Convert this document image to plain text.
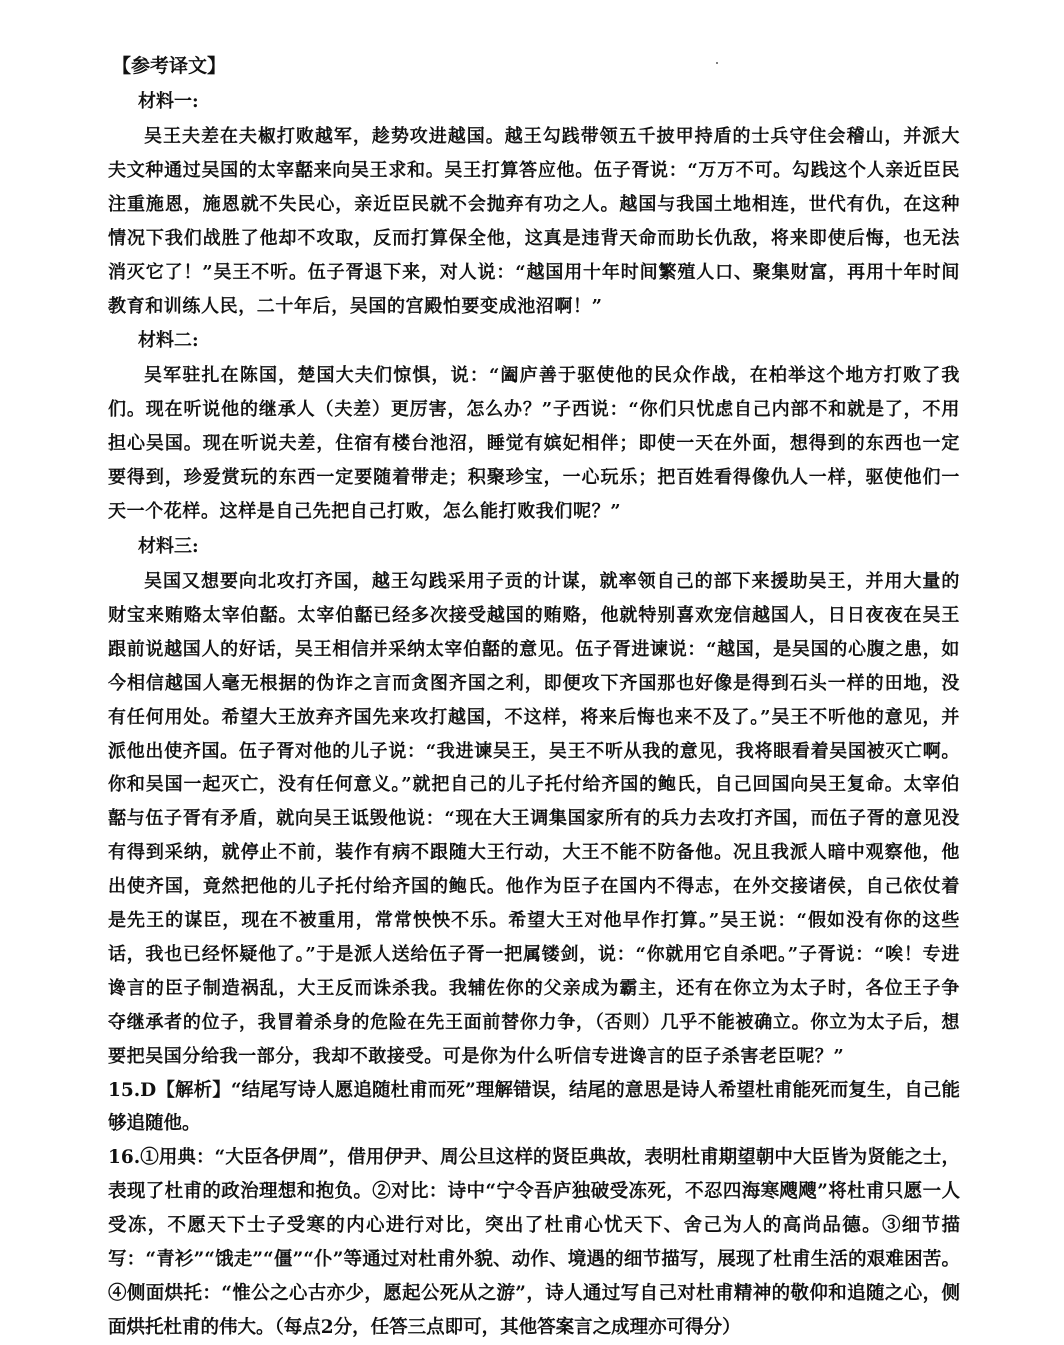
【参考译文】
材料一:

吴王夫差在夫椒打败越军，趁势攻进越国。越王勾践带领五千披甲持盾的士兵守住会稽山，并派大夫文种通过吴国的太宰嚭来向吴王求和。吴王打算答应他。伍子胥说：“万万不可。勾践这个人亲近臣民注重施恩，施恩就不失民心，亲近臣民就不会抛弃有功之人。越国与我国土地相连，世代有仇，在这种情况下我们战胜了他却不攻取，反而打算保全他，这真是违背天命而助长仇敌，将来即使后悔，也无法消灭它了！”吴王不听。伍子胥退下来，对人说：“越国用十年时间繁殖人口、聚集财富，再用十年时间教育和训练人民，二十年后，吴国的宫殿怕要变成池沼啊！”

材料二:

吴军驻扎在陈国，楚国大夫们惊惧，说：“阖庐善于驱使他的民众作战，在柏举这个地方打败了我们。现在听说他的继承人（夫差）更厉害，怎么办？”子西说：“你们只忧虑自己内部不和就是了，不用担心吴国。现在听说夫差，住宿有楼台池沼，睡觉有嫔妃相伴；即使一天在外面，想得到的东西也一定要得到，珍爱赏玩的东西一定要随着带走；积聚珍宝，一心玩乐；把百姓看得像仇人一样，驱使他们一天一个花样。这样是自己先把自己打败，怎么能打败我们呢？”

材料三:

吴国又想要向北攻打齐国，越王勾践采用子贡的计谋，就率领自己的部下来援助吴王，并用大量的财宝来贿赂太宰伯嚭。太宰伯嚭已经多次接受越国的贿赂，他就特别喜欢宠信越国人，日日夜夜在吴王跟前说越国人的好话，吴王相信并采纳太宰伯嚭的意见。伍子胥进谏说：“越国，是吴国的心腹之患，如今相信越国人毫无根据的伪诈之言而贪图齐国之利，即便攻下齐国那也好像是得到石头一样的田地，没有任何用处。希望大王放弃齐国先来攻打越国，不这样，将来后悔也来不及了。”吴王不听他的意见，并派他出使齐国。伍子胥对他的儿子说：“我进谏吴王，吴王不听从我的意见，我将眼看着吴国被灭亡啊。你和吴国一起灭亡，没有任何意义。”就把自己的儿子托付给齐国的鲍氏，自己回国向吴王复命。太宰伯嚭与伍子胥有矛盾，就向吴王诋毁他说：“现在大王调集国家所有的兵力去攻打齐国，而伍子胥的意见没有得到采纳，就停止不前，装作有病不跟随大王行动，大王不能不防备他。况且我派人暗中观察他，他出使齐国，竟然把他的儿子托付给齐国的鲍氏。他作为臣子在国内不得志，在外交接诸侯，自己依仗着是先王的谋臣，现在不被重用，常常怏怏不乐。希望大王对他早作打算。”吴王说：“假如没有你的这些话，我也已经怀疑他了。”于是派人送给伍子胥一把属镂剑，说：“你就用它自杀吧。”子胥说：“唉！专进谗言的臣子制造祸乱，大王反而诛杀我。我辅佐你的父亲成为霸主，还有在你立为太子时，各位王子争夺继承者的位子，我冒着杀身的危险在先王面前替你力争，（否则）几乎不能被确立。你立为太子后，想要把吴国分给我一部分，我却不敢接受。可是你为什么听信专进谗言的臣子杀害老臣呢？”

15.D【解析】“结尾写诗人愿追随杜甫而死”理解错误，结尾的意思是诗人希望杜甫能死而复生，自己能够追随他。

16.①用典：“大臣各伊周”，借用伊尹、周公旦这样的贤臣典故，表明杜甫期望朝中大臣皆为贤能之士，表现了杜甫的政治理想和抱负。②对比：诗中“宁令吾庐独破受冻死，不忍四海寒飕飕”将杜甫只愿一人受冻，不愿天下士子受寒的内心进行对比，突出了杜甫心忧天下、舍己为人的高尚品德。③细节描写：“青衫”“饿走”“僵”“仆”等通过对杜甫外貌、动作、境遇的细节描写，展现了杜甫生活的艰难困苦。④侧面烘托：“惟公之心古亦少，愿起公死从之游”，诗人通过写自己对杜甫精神的敬仰和追随之心，侧面烘托杜甫的伟大。（每点2分，任答三点即可，其他答案言之成理亦可得分）
